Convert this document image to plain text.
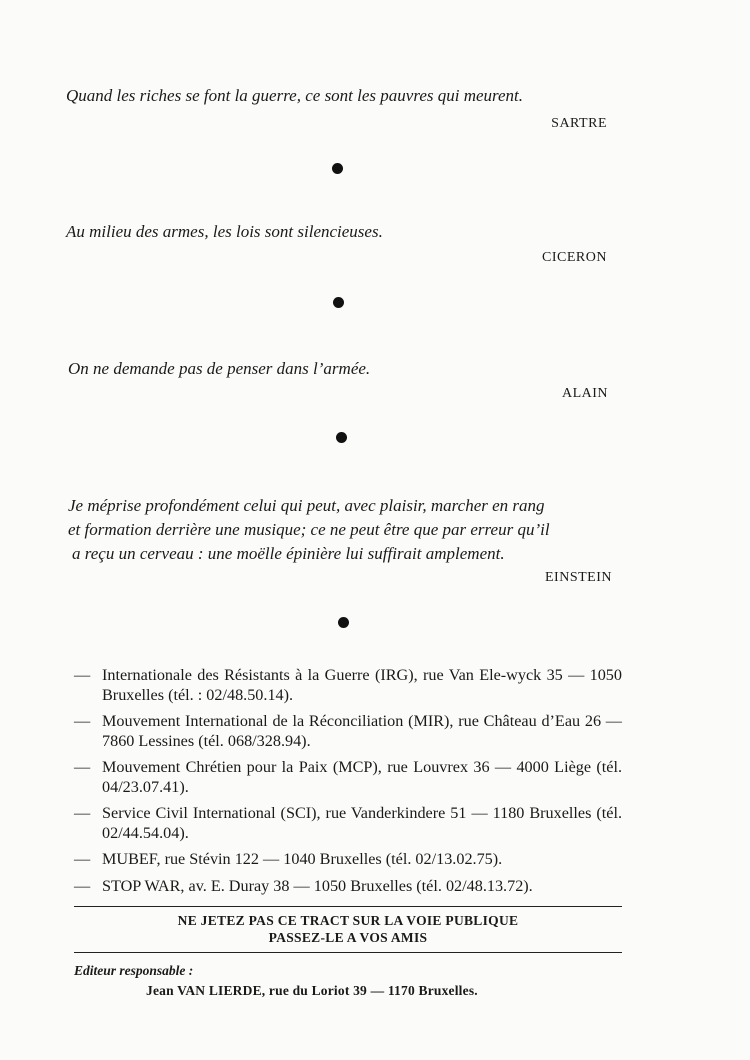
Quand les riches se font la guerre, ce sont les pauvres qui meurent.
SARTRE
Au milieu des armes, les lois sont silencieuses.
CICERON
On ne demande pas de penser dans l’armée.
ALAIN
Je méprise profondément celui qui peut, avec plaisir, marcher en rang
et formation derrière une musique; ce ne peut être que par erreur qu’il
a reçu un cerveau : une moëlle épinière lui suffirait amplement.
EINSTEIN
— Internationale des Résistants à la Guerre (IRG), rue Van Ele-wyck 35 — 1050 Bruxelles (tél. : 02/48.50.14).
— Mouvement International de la Réconciliation (MIR), rue Château d’Eau 26 — 7860 Lessines (tél. 068/328.94).
— Mouvement Chrétien pour la Paix (MCP), rue Louvrex 36 — 4000 Liège (tél. 04/23.07.41).
— Service Civil International (SCI), rue Vanderkindere 51 — 1180 Bruxelles (tél. 02/44.54.04).
— MUBEF, rue Stévin 122 — 1040 Bruxelles (tél. 02/13.02.75).
— STOP WAR, av. E. Duray 38 — 1050 Bruxelles (tél. 02/48.13.72).
NE JETEZ PAS CE TRACT SUR LA VOIE PUBLIQUE
PASSEZ-LE A VOS AMIS
Editeur responsable :
Jean VAN LIERDE, rue du Loriot 39 — 1170 Bruxelles.
